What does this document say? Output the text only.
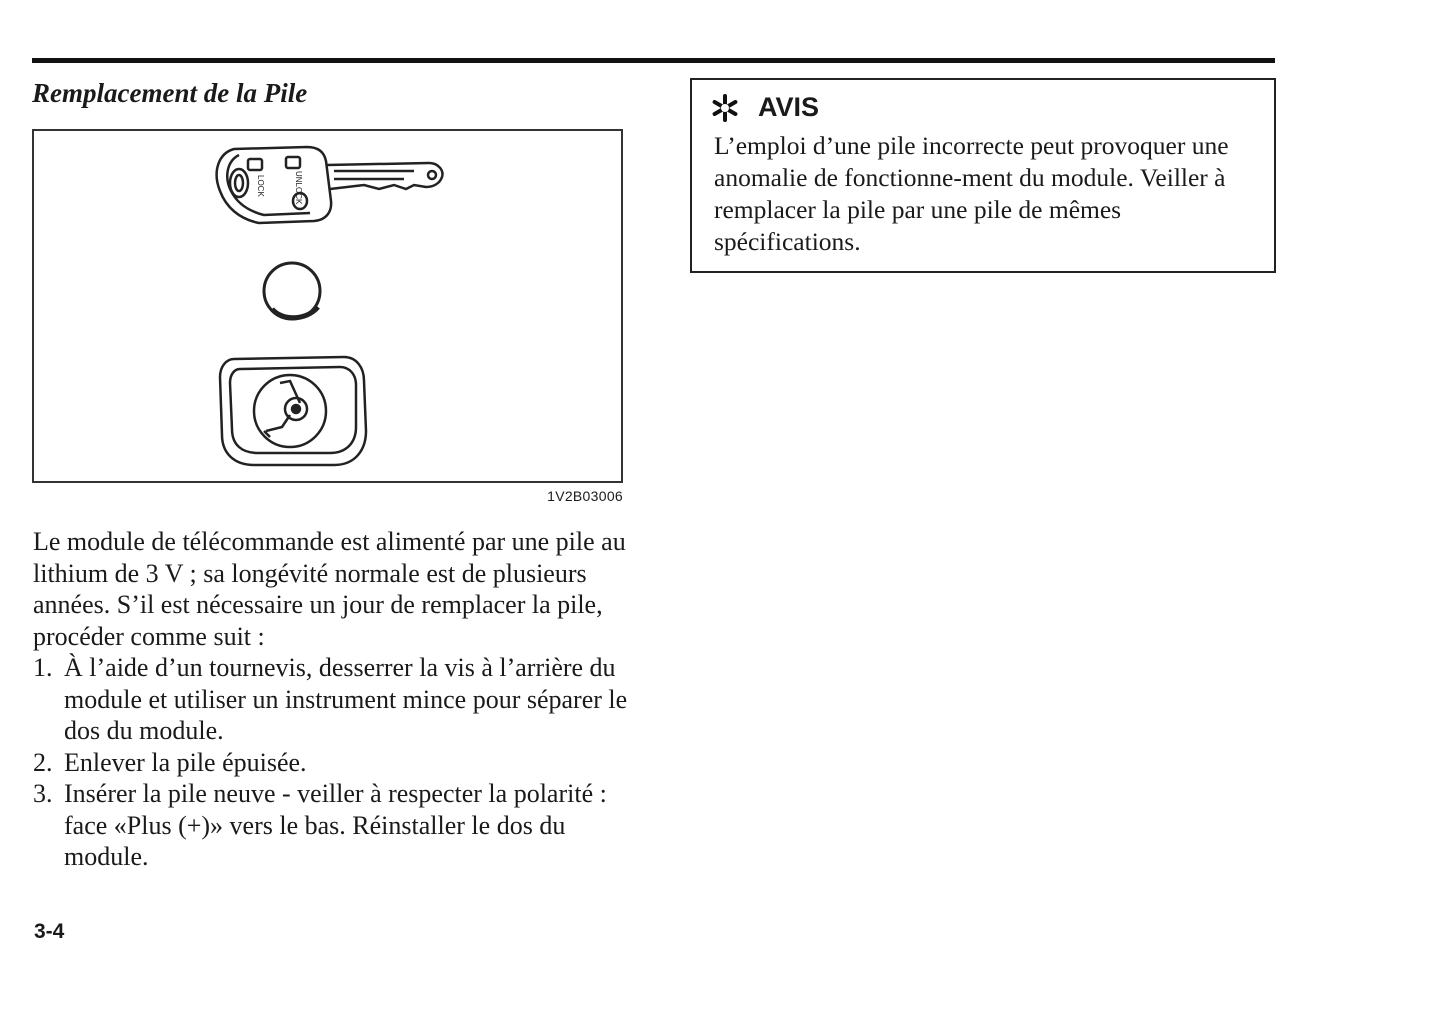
Remplacement de la Pile
LOCK	UNLOCK
1V2B03006

Le module de télécommande est alimenté par une pile au lithium de 3 V ; sa longévité normale est de plusieurs années. S’il est nécessaire un jour de remplacer la pile, procéder comme suit :

1. À l’aide d’un tournevis, desserrer la vis à l’arrière du module et utiliser un instrument mince pour séparer le dos du module.
2. Enlever la pile épuisée.
3. Insérer la pile neuve - veiller à respecter la polarité : face «Plus (+)» vers le bas. Réinstaller le dos du module.
AVIS
L’emploi d’une pile incorrecte peut provoquer une anomalie de fonctionne-ment du module. Veiller à remplacer la pile par une pile de mêmes spécifications.
3-4
